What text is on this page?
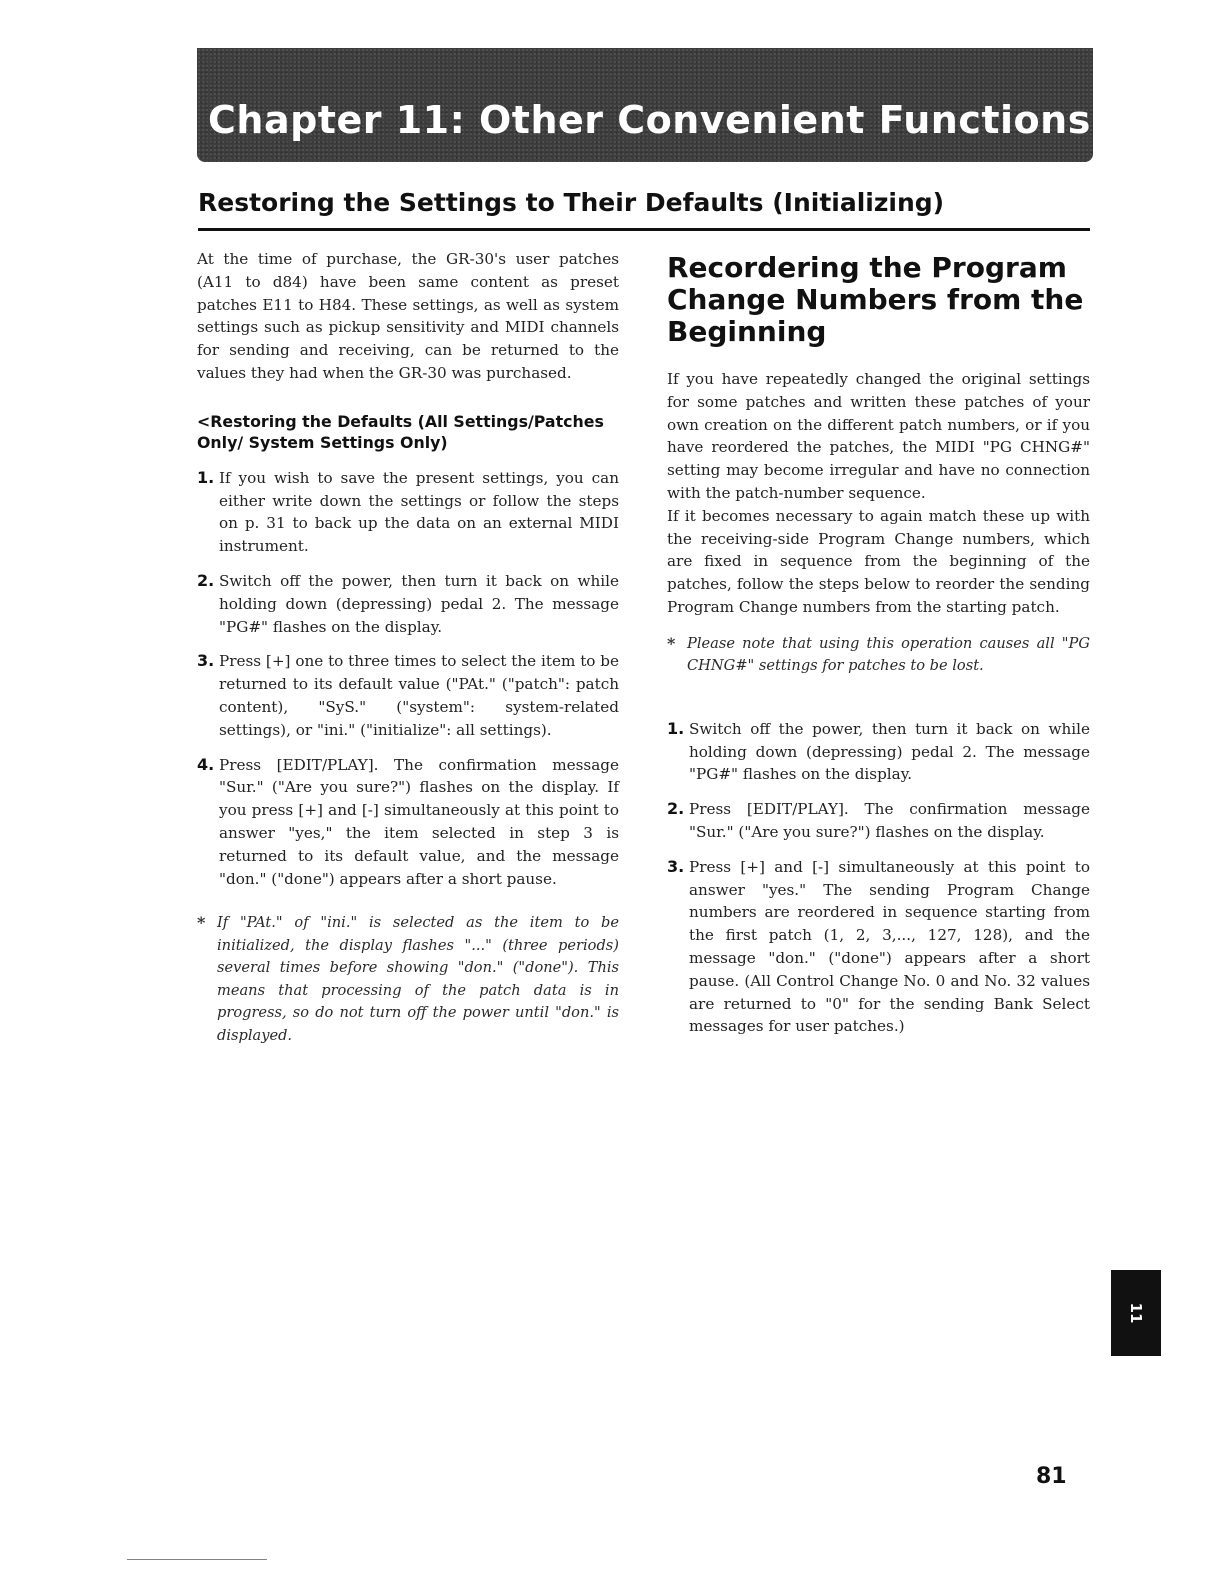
Chapter 11: Other Convenient Functions
Restoring the Settings to Their Defaults (Initializing)

At the time of purchase, the GR-30's user patches (A11 to d84) have been same content as preset patches E11 to H84. These settings, as well as system settings such as pickup sensitivity and MIDI channels for sending and receiving, can be returned to the values they had when the GR-30 was purchased.

<Restoring the Defaults (All Settings/Patches Only/ System Settings Only)
1. If you wish to save the present settings, you can either write down the settings or follow the steps on p. 31 to back up the data on an external MIDI instrument.
2. Switch off the power, then turn it back on while holding down (depressing) pedal 2. The message "PG#" flashes on the display.
3. Press [+] one to three times to select the item to be returned to its default value ("PAt." ("patch": patch content), "SyS." ("system": system-related settings), or "ini." ("initialize": all settings).
4. Press [EDIT/PLAY]. The confirmation message "Sur." ("Are you sure?") flashes on the display. If you press [+] and [-] simultaneously at this point to answer "yes," the item selected in step 3 is returned to its default value, and the message "don." ("done") appears after a short pause.

* If "PAt." of "ini." is selected as the item to be initialized, the display flashes "..." (three periods) several times before showing "don." ("done"). This means that processing of the patch data is in progress, so do not turn off the power until "don." is displayed.

Recordering the Program Change Numbers from the Beginning

If you have repeatedly changed the original settings for some patches and written these patches of your own creation on the different patch numbers, or if you have reordered the patches, the MIDI "PG CHNG#" setting may become irregular and have no connection with the patch-number sequence.

If it becomes necessary to again match these up with the receiving-side Program Change numbers, which are fixed in sequence from the beginning of the patches, follow the steps below to reorder the sending Program Change numbers from the starting patch.

* Please note that using this operation causes all "PG CHNG#" settings for patches to be lost.

1. Switch off the power, then turn it back on while holding down (depressing) pedal 2. The message "PG#" flashes on the display.
2. Press [EDIT/PLAY]. The confirmation message "Sur." ("Are you sure?") flashes on the display.
3. Press [+] and [-] simultaneously at this point to answer "yes." The sending Program Change numbers are reordered in sequence starting from the first patch (1, 2, 3,..., 127, 128), and the message "don." ("done") appears after a short pause. (All Control Change No. 0 and No. 32 values are returned to "0" for the sending Bank Select messages for user patches.)
11
81
